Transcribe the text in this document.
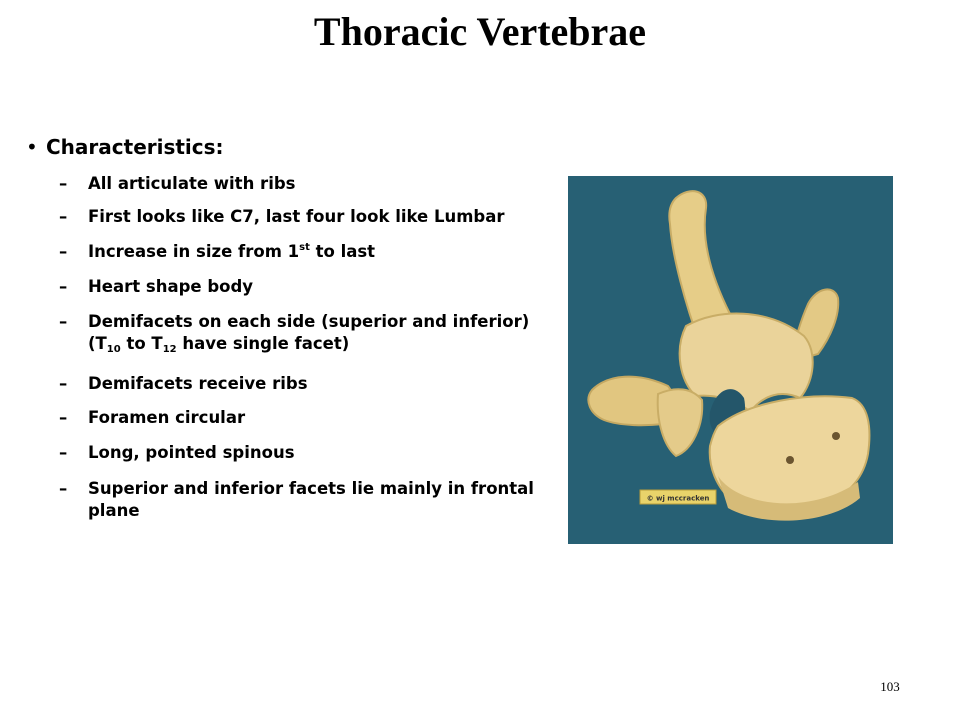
Thoracic Vertebrae
• Characteristics:
– All articulate with ribs
– First looks like C7, last four look like Lumbar
– Increase in size from 1st to last
– Heart shape body
– Demifacets on each side (superior and inferior) ($T_{10}$ to $T_{12}$ have single facet)
– Demifacets receive ribs
– Foramen circular
– Long, pointed spinous
– Superior and inferior facets lie mainly in frontal plane
© wj mccracken
103
